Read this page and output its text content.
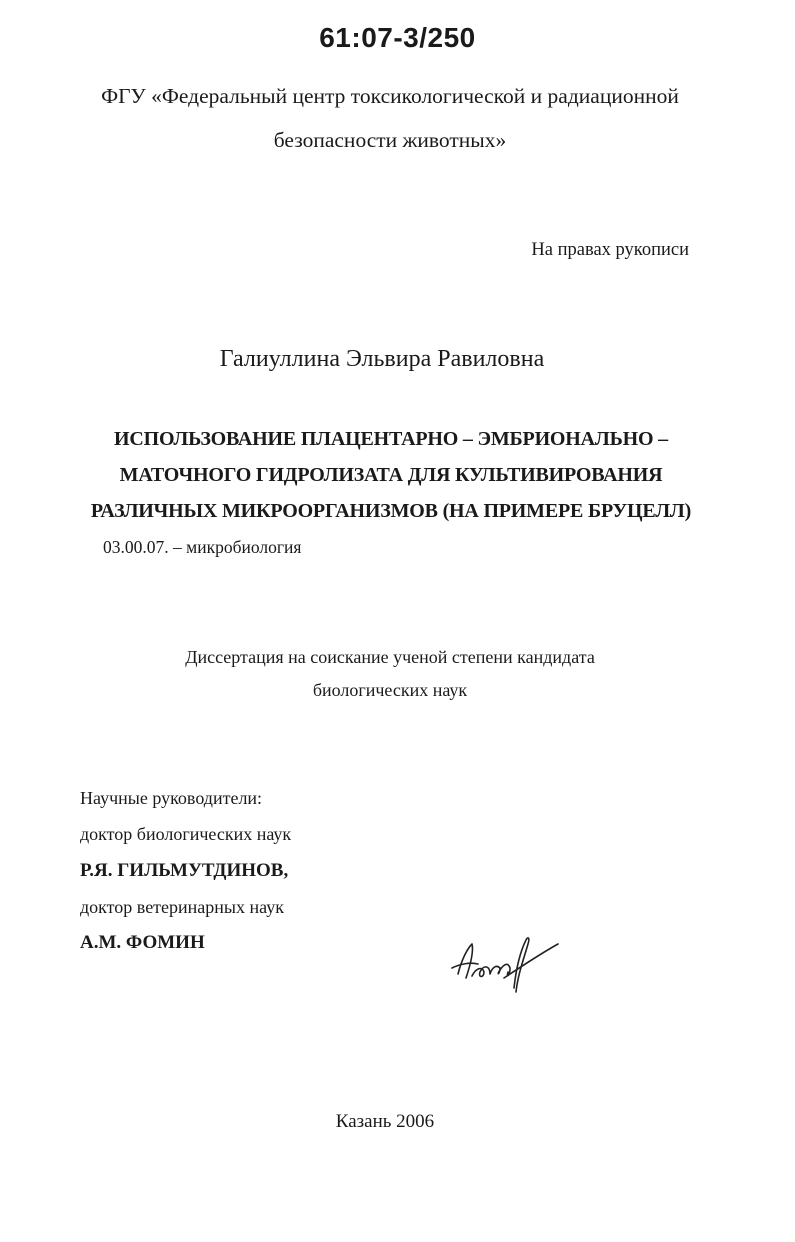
61:07-3/250
ФГУ «Федеральный центр токсикологической и радиационной
безопасности животных»
На правах рукописи
Галиуллина Эльвира Равиловна
ИСПОЛЬЗОВАНИЕ ПЛАЦЕНТАРНО – ЭМБРИОНАЛЬНО –
МАТОЧНОГО ГИДРОЛИЗАТА ДЛЯ КУЛЬТИВИРОВАНИЯ
РАЗЛИЧНЫХ МИКРООРГАНИЗМОВ (НА ПРИМЕРЕ БРУЦЕЛЛ)
03.00.07. – микробиология
Диссертация на соискание ученой степени кандидата
биологических наук
Научные руководители:
доктор биологических наук
Р.Я. ГИЛЬМУТДИНОВ,
доктор ветеринарных наук
А.М. ФОМИН
Казань 2006
